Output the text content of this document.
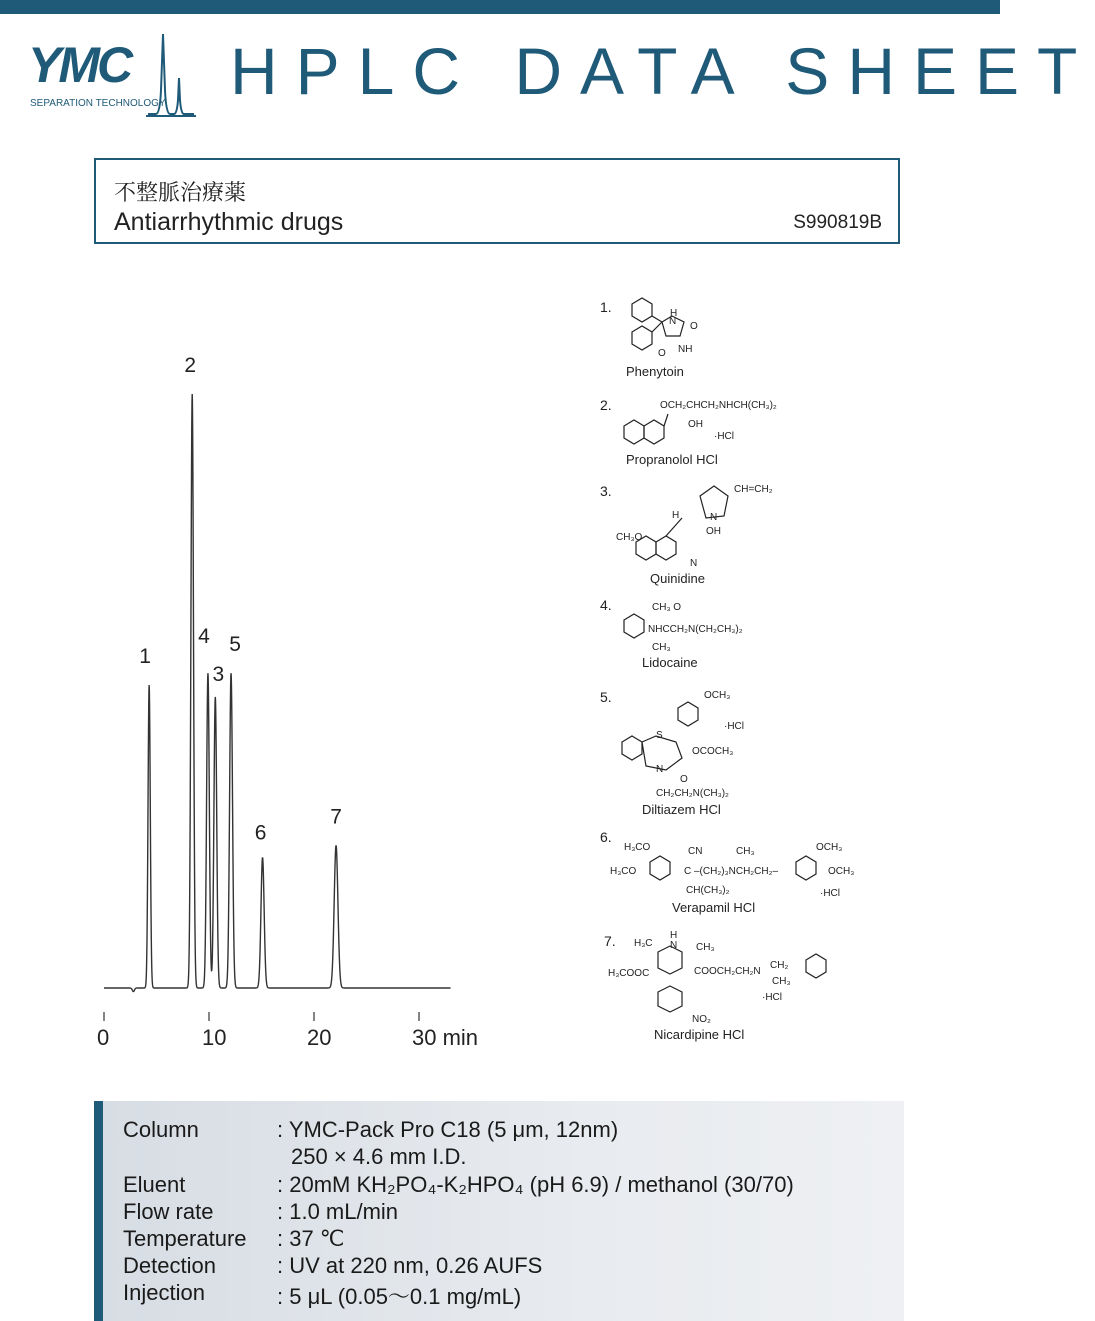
YMC
SEPARATION TECHNOLOGY HPLC DATA SHEET
不整脈治療薬
Antiarrhythmic drugs	S990819B
0	10	20	30 min
1
2
4
3
5
6
7
1.	H
N O
NH
O
Phenytoin
2.	OCH₂CHCH₂NHCH(CH₃)₂
OH
·HCl
Propranolol HCl
3.	CH=CH₂
N
H
OH
CH₃O
N
Quinidine
4.	CH₃ O
NHCCH₂N(CH₂CH₃)₂
CH₃
Lidocaine
5.	OCH₃
·HCl
S
OCOCH₃
N
O
CH₂CH₂N(CH₃)₂
Diltiazem HCl
6.
H₃CO
H₃CO
CN	CH₃
C –(CH₂)₃NCH₂CH₂–
CH(CH₃)₂
OCH₃
OCH₃
·HCl
Verapamil HCl
7. H₃C
H
N CH₃
H₃COOC	COOCH₂CH₂N
CH₂
CH₃
·HCl
NO₂
Nicardipine HCl
Column	: YMC-Pack Pro C18 (5 μm, 12nm)
250 × 4.6 mm I.D.
Eluent	: 20mM KH₂PO₄-K₂HPO₄ (pH 6.9) / methanol (30/70)
Flow rate	: 1.0 mL/min
Temperature : 37 ℃
Detection	: UV at 220 nm, 0.26 AUFS
Injection	: 5 μL (0.05〜0.1 mg/mL)
